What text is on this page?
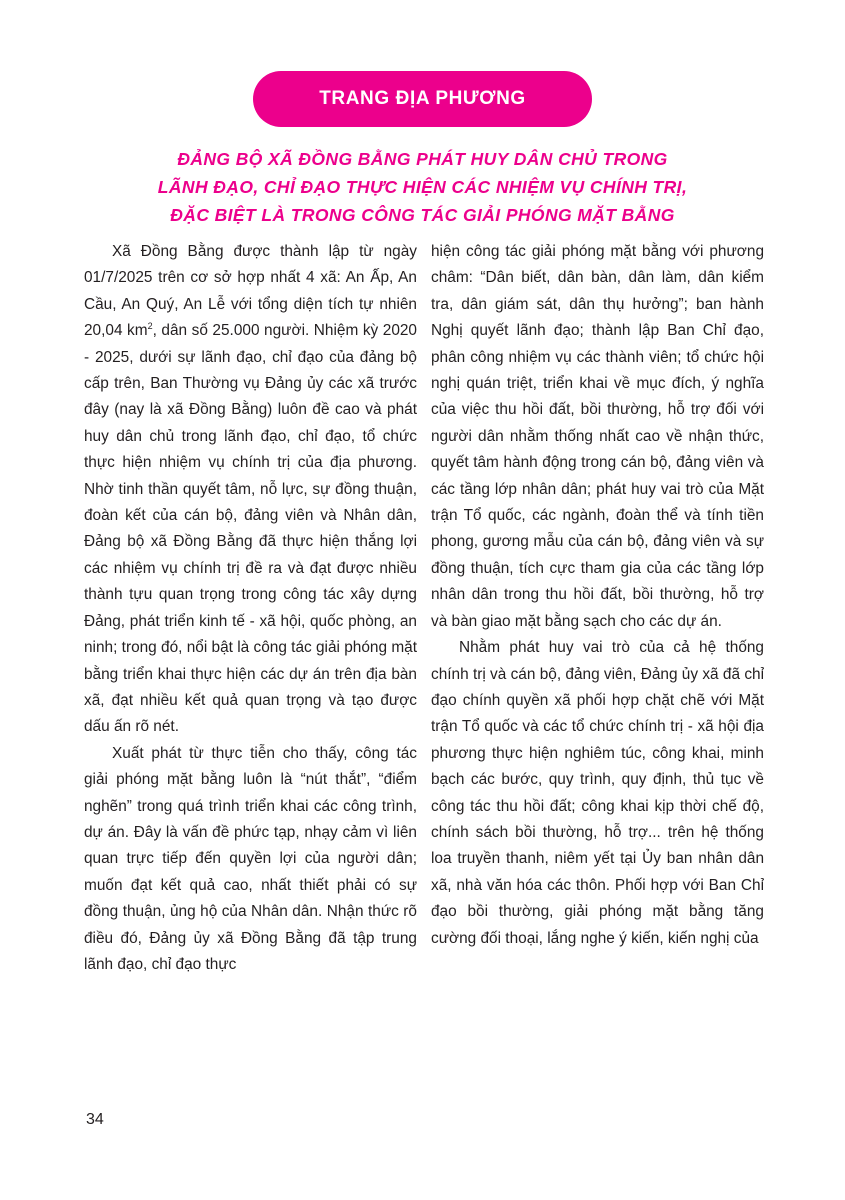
TRANG ĐỊA PHƯƠNG
ĐẢNG BỘ XÃ ĐỒNG BẰNG PHÁT HUY DÂN CHỦ TRONG
LÃNH ĐẠO, CHỈ ĐẠO THỰC HIỆN CÁC NHIỆM VỤ CHÍNH TRỊ,
ĐẶC BIỆT LÀ TRONG CÔNG TÁC GIẢI PHÓNG MẶT BẰNG

Xã Đồng Bằng được thành lập từ ngày 01/7/2025 trên cơ sở hợp nhất 4 xã: An Ấp, An Cầu, An Quý, An Lễ với tổng diện tích tự nhiên 20,04 $km^2$, dân số 25.000 người. Nhiệm kỳ 2020 - 2025, dưới sự lãnh đạo, chỉ đạo của đảng bộ cấp trên, Ban Thường vụ Đảng ủy các xã trước đây (nay là xã Đồng Bằng) luôn đề cao và phát huy dân chủ trong lãnh đạo, chỉ đạo, tổ chức thực hiện nhiệm vụ chính trị của địa phương. Nhờ tinh thần quyết tâm, nỗ lực, sự đồng thuận, đoàn kết của cán bộ, đảng viên và Nhân dân, Đảng bộ xã Đồng Bằng đã thực hiện thắng lợi các nhiệm vụ chính trị đề ra và đạt được nhiều thành tựu quan trọng trong công tác xây dựng Đảng, phát triển kinh tế - xã hội, quốc phòng, an ninh; trong đó, nổi bật là công tác giải phóng mặt bằng triển khai thực hiện các dự án trên địa bàn xã, đạt nhiều kết quả quan trọng và tạo được dấu ấn rõ nét.

Xuất phát từ thực tiễn cho thấy, công tác giải phóng mặt bằng luôn là “nút thắt”, “điểm nghẽn” trong quá trình triển khai các công trình, dự án. Đây là vấn đề phức tạp, nhạy cảm vì liên quan trực tiếp đến quyền lợi của người dân; muốn đạt kết quả cao, nhất thiết phải có sự đồng thuận, ủng hộ của Nhân dân. Nhận thức rõ điều đó, Đảng ủy xã Đồng Bằng đã tập trung lãnh đạo, chỉ đạo thực

hiện công tác giải phóng mặt bằng với phương châm: “Dân biết, dân bàn, dân làm, dân kiểm tra, dân giám sát, dân thụ hưởng”; ban hành Nghị quyết lãnh đạo; thành lập Ban Chỉ đạo, phân công nhiệm vụ các thành viên; tổ chức hội nghị quán triệt, triển khai về mục đích, ý nghĩa của việc thu hồi đất, bồi thường, hỗ trợ đối với người dân nhằm thống nhất cao về nhận thức, quyết tâm hành động trong cán bộ, đảng viên và các tầng lớp nhân dân; phát huy vai trò của Mặt trận Tổ quốc, các ngành, đoàn thể và tính tiền phong, gương mẫu của cán bộ, đảng viên và sự đồng thuận, tích cực tham gia của các tầng lớp nhân dân trong thu hồi đất, bồi thường, hỗ trợ và bàn giao mặt bằng sạch cho các dự án.

Nhằm phát huy vai trò của cả hệ thống chính trị và cán bộ, đảng viên, Đảng ủy xã đã chỉ đạo chính quyền xã phối hợp chặt chẽ với Mặt trận Tổ quốc và các tổ chức chính trị - xã hội địa phương thực hiện nghiêm túc, công khai, minh bạch các bước, quy trình, quy định, thủ tục về công tác thu hồi đất; công khai kịp thời chế độ, chính sách bồi thường, hỗ trợ... trên hệ thống loa truyền thanh, niêm yết tại Ủy ban nhân dân xã, nhà văn hóa các thôn. Phối hợp với Ban Chỉ đạo bồi thường, giải phóng mặt bằng tăng cường đối thoại, lắng nghe ý kiến, kiến nghị của

34
